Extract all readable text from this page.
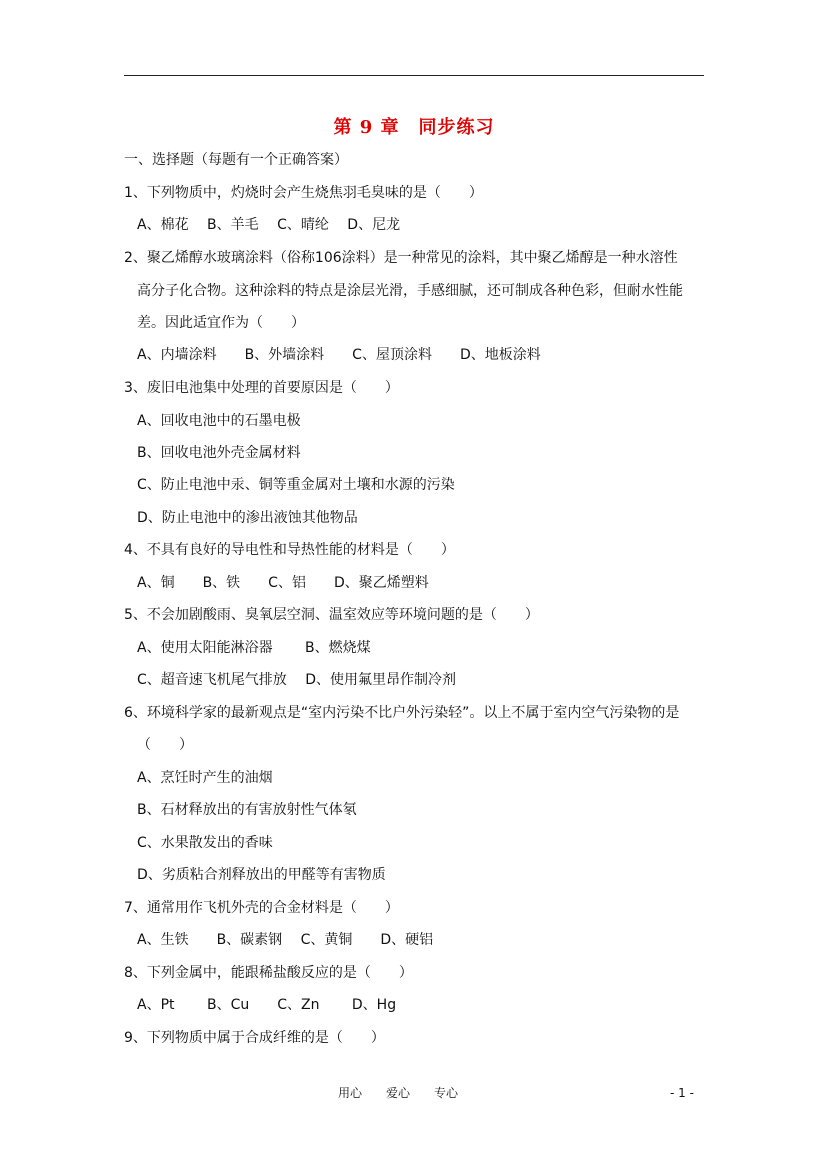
第 9 章　同步练习
一、选择题（每题有一个正确答案）
1、下列物质中，灼烧时会产生烧焦羽毛臭味的是（　　）
A、棉花　 B、羊毛　 C、晴纶　 D、尼龙
2、聚乙烯醇水玻璃涂料（俗称106涂料）是一种常见的涂料，其中聚乙烯醇是一种水溶性
高分子化合物。这种涂料的特点是涂层光滑，手感细腻，还可制成各种色彩，但耐水性能
差。因此适宜作为（　　）
A、内墙涂料　　B、外墙涂料　　C、屋顶涂料　　D、地板涂料
3、废旧电池集中处理的首要原因是（　　）
A、回收电池中的石墨电极
B、回收电池外壳金属材料
C、防止电池中汞、铜等重金属对土壤和水源的污染
D、防止电池中的渗出液蚀其他物品
4、不具有良好的导电性和导热性能的材料是（　　）
A、铜　　B、铁　　C、铝　　D、聚乙烯塑料
5、不会加剧酸雨、臭氧层空洞、温室效应等环境问题的是（　　）
A、使用太阳能淋浴器　　 B、燃烧煤
C、超音速飞机尾气排放　 D、使用氟里昂作制冷剂
6、环境科学家的最新观点是“室内污染不比户外污染轻”。以上不属于室内空气污染物的是
（　　）
A、烹饪时产生的油烟
B、石材释放出的有害放射性气体氡
C、水果散发出的香味
D、劣质粘合剂释放出的甲醛等有害物质
7、通常用作飞机外壳的合金材料是（　　）
A、生铁　　B、碳素钢　 C、黄铜　　D、硬铝
8、下列金属中，能跟稀盐酸反应的是（　　）
A、Pt　　 B、Cu　　C、Zn　　 D、Hg
9、下列物质中属于合成纤维的是（　　）
用心　　爱心　　专心	- 1 -
